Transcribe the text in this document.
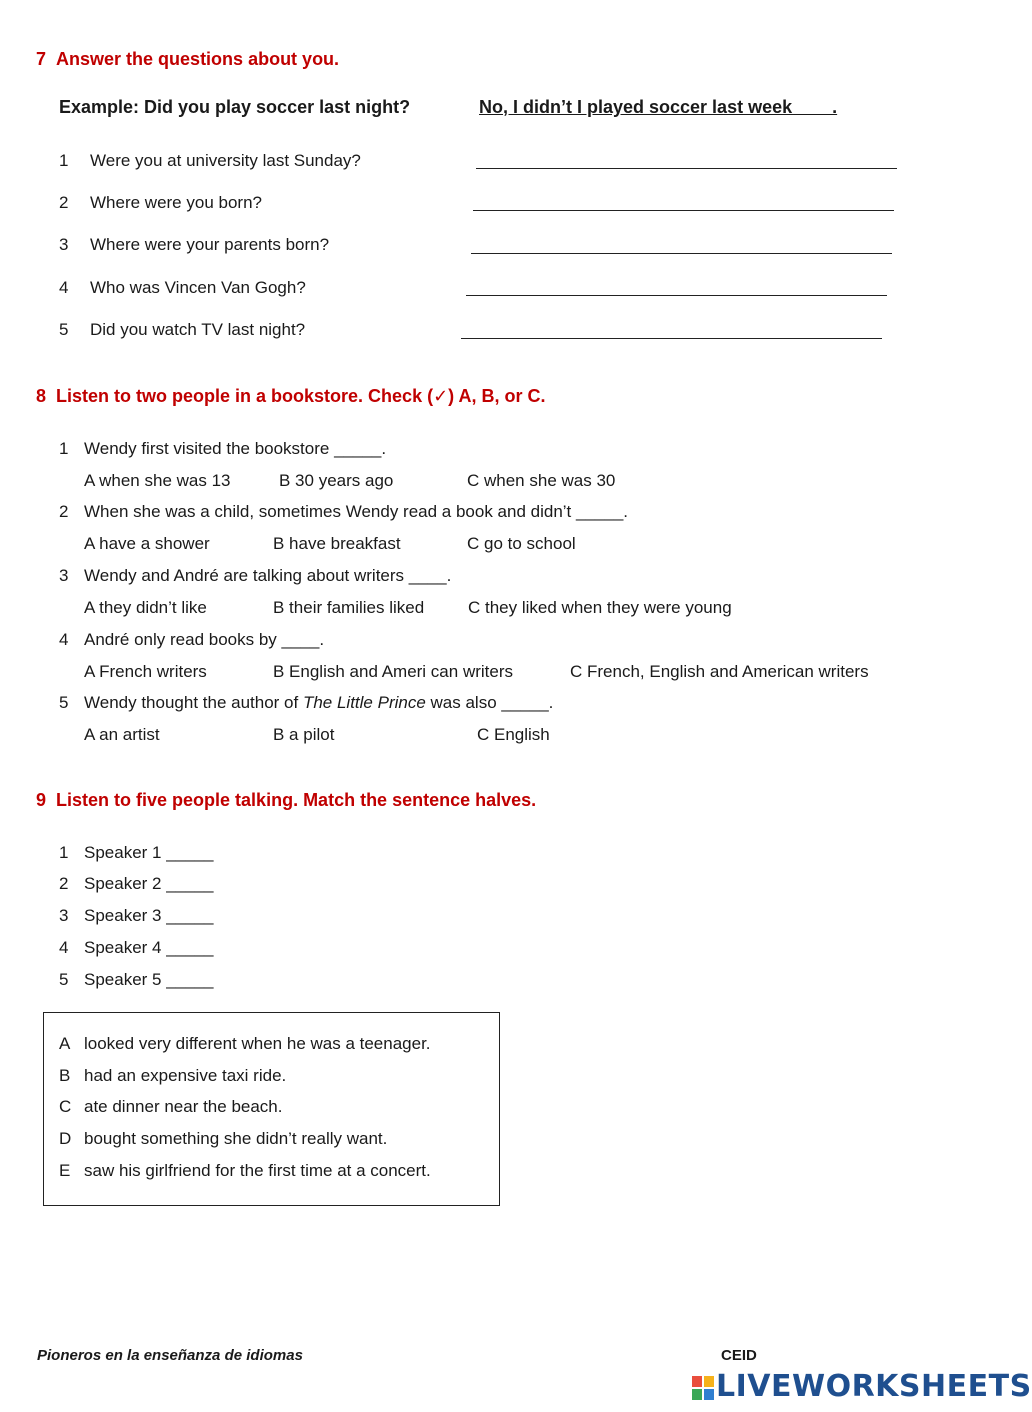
7 Answer the questions about you.
Example: Did you play soccer last night?	No, I didn’t I played soccer last week        .
1 Were you at university last Sunday?
2 Where were you born?
3 Where were your parents born?
4 Who was Vincen Van Gogh?
5 Did you watch TV last night?
8 Listen to two people in a bookstore. Check (✓) A, B, or C.
1 Wendy first visited the bookstore _____.
A when she was 13	B 30 years ago	C when she was 30
2 When she was a child, sometimes Wendy read a book and didn’t _____.
A have a shower	B have breakfast	C go to school
3 Wendy and André are talking about writers ____.
A they didn’t like	B their families liked	C they liked when they were young
4 André only read books by ____.
A French writers	B English and Ameri can writers	C French, English and American writers
5 Wendy thought the author of The Little Prince was also _____.
A an artist	B a pilot	C English
9 Listen to five people talking. Match the sentence halves.
1 Speaker 1 _____
2 Speaker 2 _____
3 Speaker 3 _____
4 Speaker 4 _____
5 Speaker 5 _____
A looked very different when he was a teenager.
B had an expensive taxi ride.
C ate dinner near the beach.
D bought something she didn’t really want.
E saw his girlfriend for the first time at a concert.
Pioneros en la enseñanza de idiomas	CEID
LIVEWORKSHEETS
